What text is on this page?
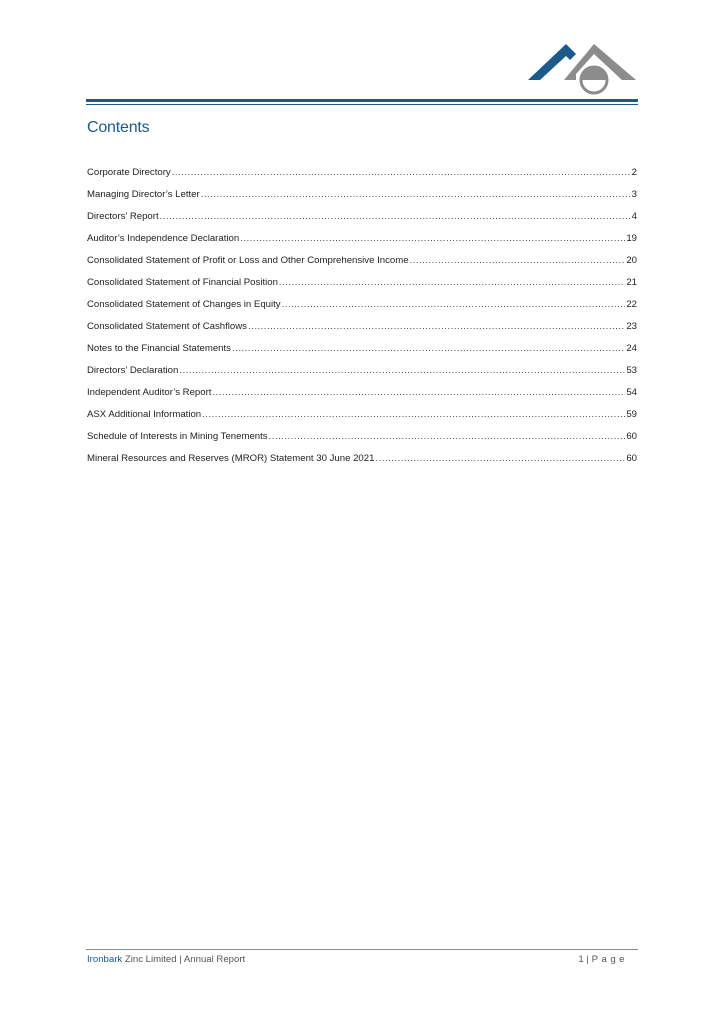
Contents
Corporate Directory .....	2
Managing Director’s Letter .....	3
Directors’ Report .....	4
Auditor’s Independence Declaration .....	19
Consolidated Statement of Profit or Loss and Other Comprehensive Income .....	20
Consolidated Statement of Financial Position .....	21
Consolidated Statement of Changes in Equity .....	22
Consolidated Statement of Cashflows .....	23
Notes to the Financial Statements .....	24
Directors’ Declaration .....	53
Independent Auditor’s Report .....	54
ASX Additional Information .....	59
Schedule of Interests in Mining Tenements .....	60
Mineral Resources and Reserves (MROR) Statement 30 June 2021 .....	60
Ironbark Zinc Limited | Annual Report	1 | Page
